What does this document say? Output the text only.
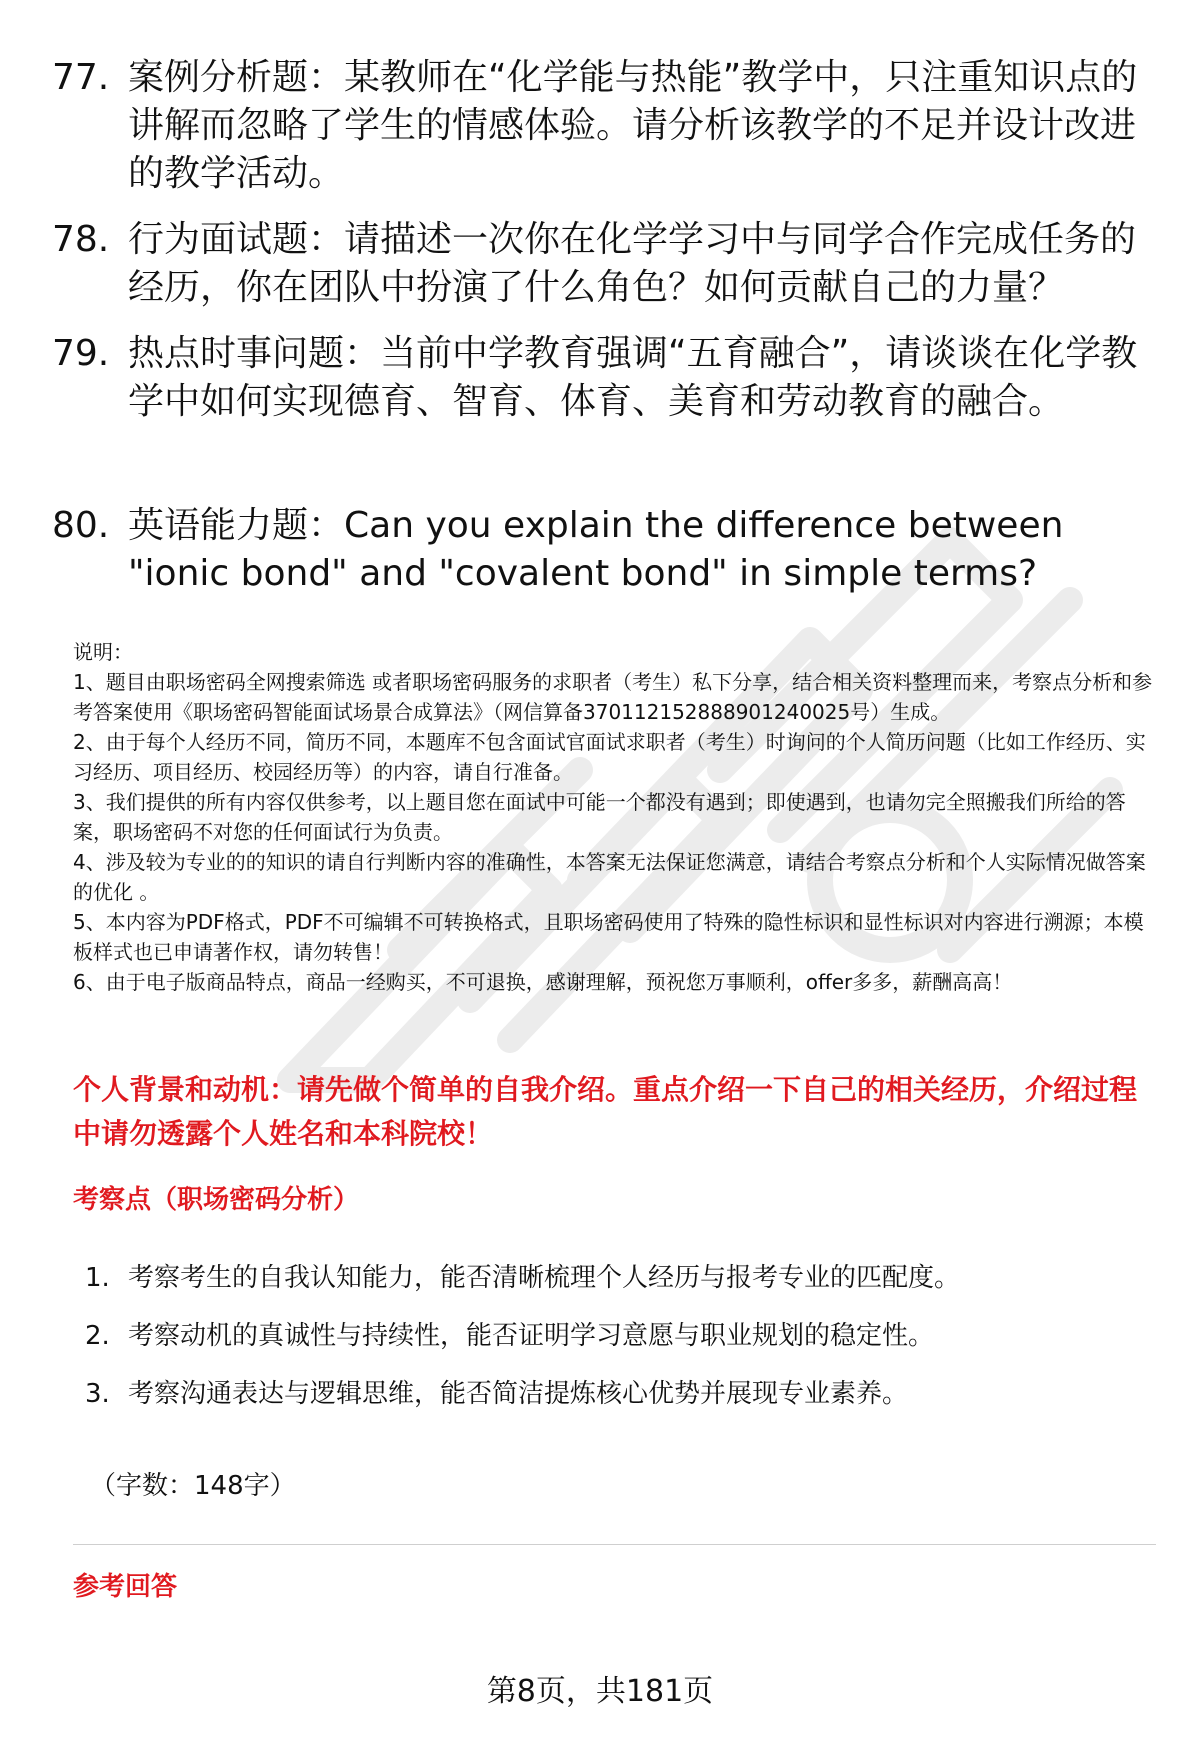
77. 案例分析题：某教师在“化学能与热能”教学中，只注重知识点的讲解而忽略了学生的情感体验。请分析该教学的不足并设计改进的教学活动。
78. 行为面试题：请描述一次你在化学学习中与同学合作完成任务的经历，你在团队中扮演了什么角色？如何贡献自己的力量？
79. 热点时事问题：当前中学教育强调“五育融合”，请谈谈在化学教学中如何实现德育、智育、体育、美育和劳动教育的融合。
80. 英语能力题：Can you explain the difference between "ionic bond" and "covalent bond" in simple terms?

说明：

1、题目由职场密码全网搜索筛选 或者职场密码服务的求职者（考生）私下分享，结合相关资料整理而来，考察点分析和参考答案使用《职场密码智能面试场景合成算法》（网信算备370112152888901240025号）生成。

2、由于每个人经历不同，简历不同，本题库不包含面试官面试求职者（考生）时询问的个人简历问题（比如工作经历、实习经历、项目经历、校园经历等）的内容，请自行准备。

3、我们提供的所有内容仅供参考，以上题目您在面试中可能一个都没有遇到；即使遇到，也请勿完全照搬我们所给的答案，职场密码不对您的任何面试行为负责。

4、涉及较为专业的的知识的请自行判断内容的准确性，本答案无法保证您满意，请结合考察点分析和个人实际情况做答案的优化 。

5、本内容为PDF格式，PDF不可编辑不可转换格式，且职场密码使用了特殊的隐性标识和显性标识对内容进行溯源；本模板样式也已申请著作权，请勿转售！

6、由于电子版商品特点，商品一经购买，不可退换，感谢理解，预祝您万事顺利，offer多多，薪酬高高！

个人背景和动机：请先做个简单的自我介绍。重点介绍一下自己的相关经历，介绍过程中请勿透露个人姓名和本科院校！
考察点（职场密码分析）
1. 考察考生的自我认知能力，能否清晰梳理个人经历与报考专业的匹配度。
2. 考察动机的真诚性与持续性，能否证明学习意愿与职业规划的稳定性。
3. 考察沟通表达与逻辑思维，能否简洁提炼核心优势并展现专业素养。
（字数：148字）
参考回答
第8页，共181页
